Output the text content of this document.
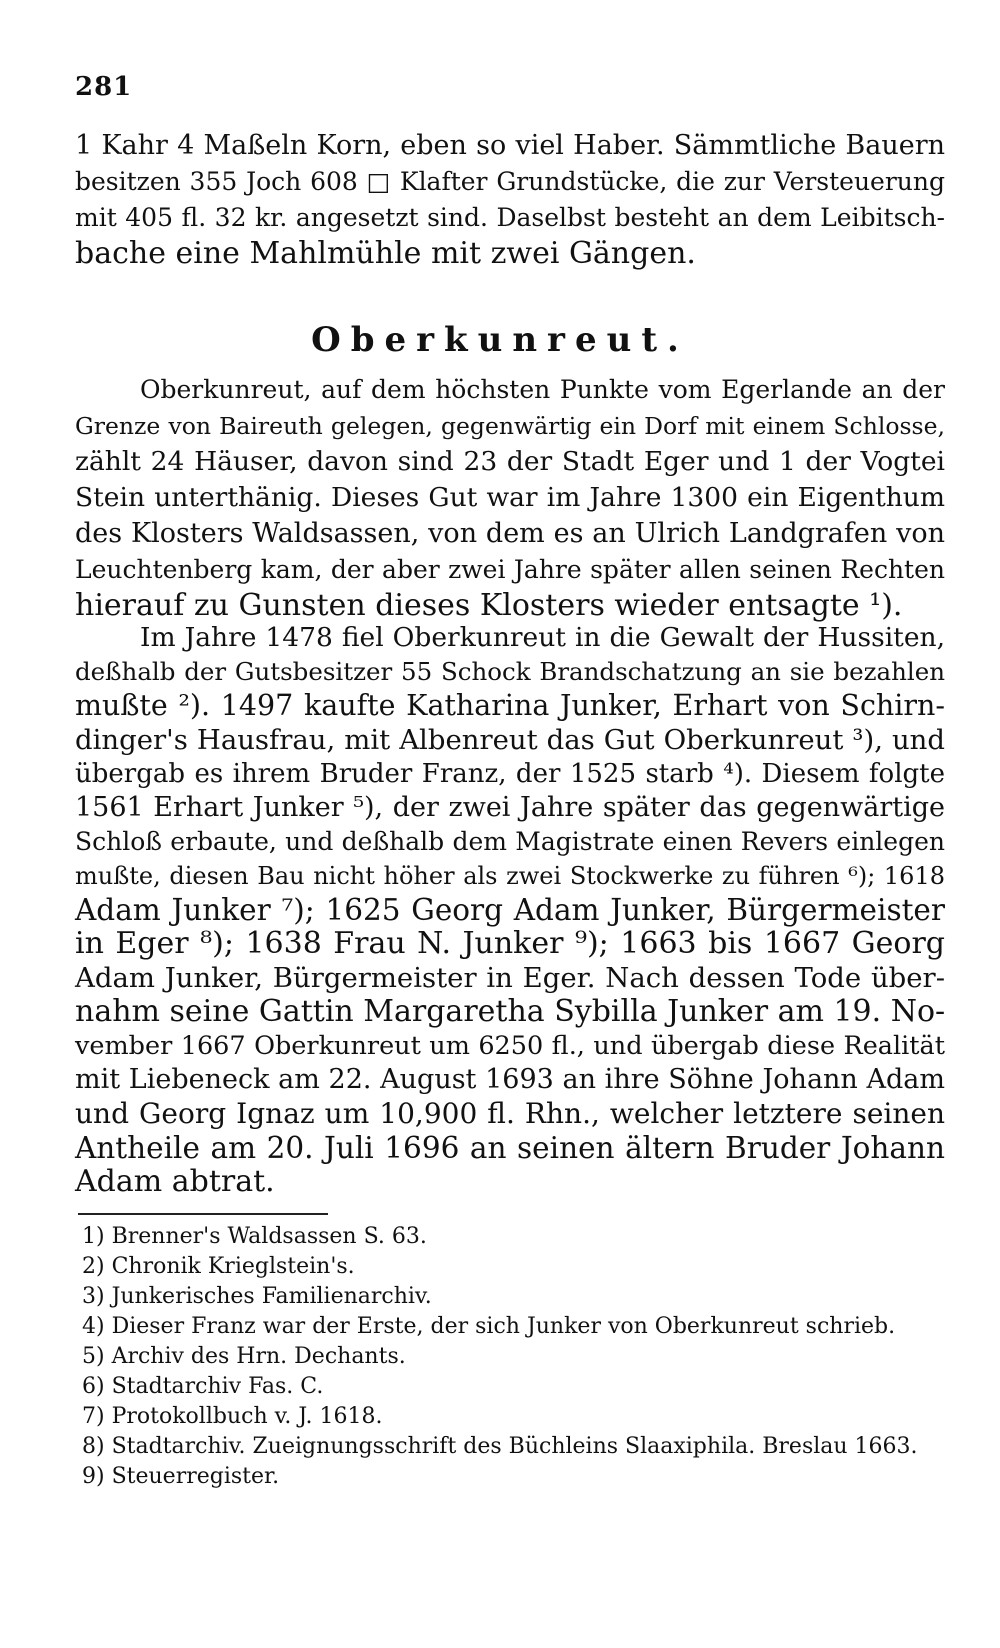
281
1 Kahr 4 Maßeln Korn, eben so viel Haber. Sämmtliche Bauern
besitzen 355 Joch 608 □ Klafter Grundstücke, die zur Versteuerung
mit 405 fl. 32 kr. angesetzt sind. Daselbst besteht an dem Leibitsch-
bache eine Mahlmühle mit zwei Gängen.
Oberkunreut.
Oberkunreut, auf dem höchsten Punkte vom Egerlande an der
Grenze von Baireuth gelegen, gegenwärtig ein Dorf mit einem Schlosse,
zählt 24 Häuser, davon sind 23 der Stadt Eger und 1 der Vogtei
Stein unterthänig. Dieses Gut war im Jahre 1300 ein Eigenthum
des Klosters Waldsassen, von dem es an Ulrich Landgrafen von
Leuchtenberg kam, der aber zwei Jahre später allen seinen Rechten
hierauf zu Gunsten dieses Klosters wieder entsagte ¹).
Im Jahre 1478 fiel Oberkunreut in die Gewalt der Hussiten,
deßhalb der Gutsbesitzer 55 Schock Brandschatzung an sie bezahlen
mußte ²). 1497 kaufte Katharina Junker, Erhart von Schirn-
dinger's Hausfrau, mit Albenreut das Gut Oberkunreut ³), und
übergab es ihrem Bruder Franz, der 1525 starb ⁴). Diesem folgte
1561 Erhart Junker ⁵), der zwei Jahre später das gegenwärtige
Schloß erbaute, und deßhalb dem Magistrate einen Revers einlegen
mußte, diesen Bau nicht höher als zwei Stockwerke zu führen ⁶); 1618
Adam Junker ⁷); 1625 Georg Adam Junker, Bürgermeister
in Eger ⁸); 1638 Frau N. Junker ⁹); 1663 bis 1667 Georg
Adam Junker, Bürgermeister in Eger. Nach dessen Tode über-
nahm seine Gattin Margaretha Sybilla Junker am 19. No-
vember 1667 Oberkunreut um 6250 fl., und übergab diese Realität
mit Liebeneck am 22. August 1693 an ihre Söhne Johann Adam
und Georg Ignaz um 10,900 fl. Rhn., welcher letztere seinen
Antheile am 20. Juli 1696 an seinen ältern Bruder Johann
Adam abtrat.
1) Brenner's Waldsassen S. 63.
2) Chronik Krieglstein's.
3) Junkerisches Familienarchiv.
4) Dieser Franz war der Erste, der sich Junker von Oberkunreut schrieb.
5) Archiv des Hrn. Dechants.
6) Stadtarchiv Fas. C.
7) Protokollbuch v. J. 1618.
8) Stadtarchiv. Zueignungsschrift des Büchleins Slaaxiphila. Breslau 1663.
9) Steuerregister.
